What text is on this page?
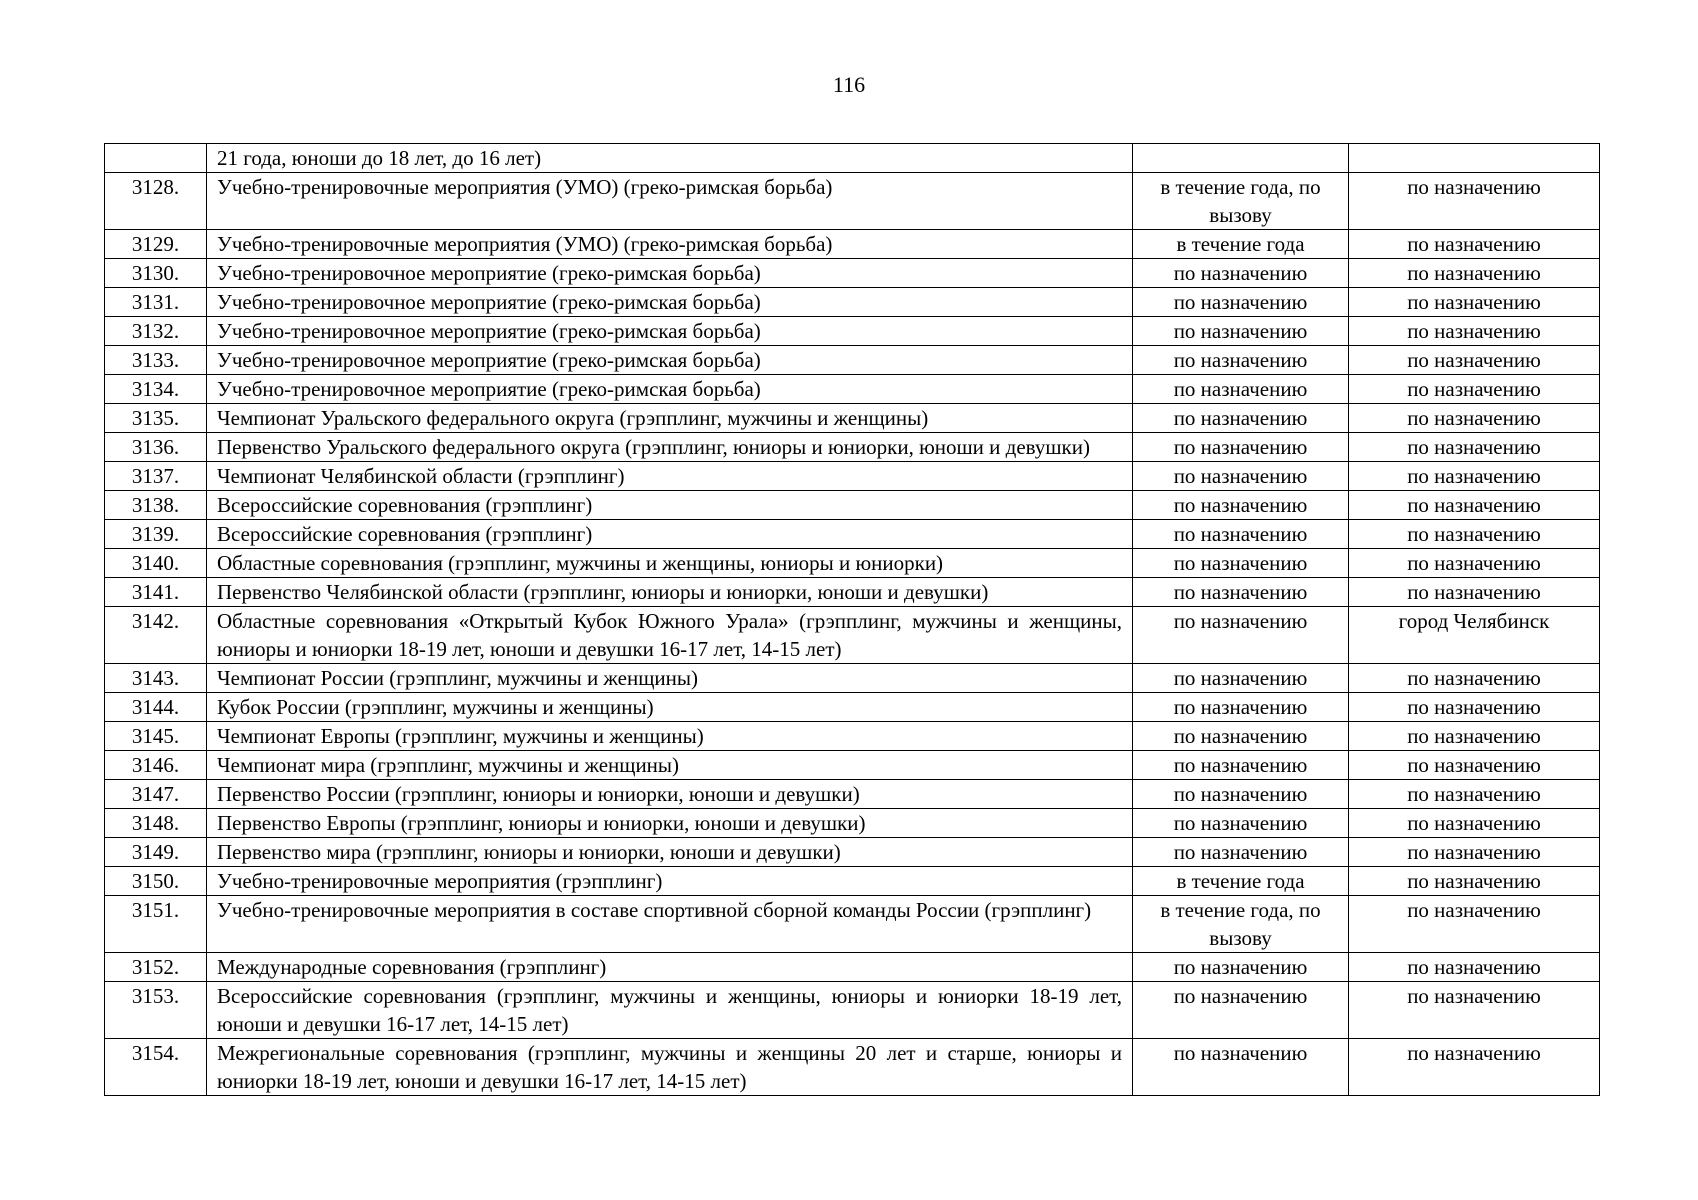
116
	21 года, юноши до 18 лет, до 16 лет)		
3128.	Учебно-тренировочные мероприятия (УМО) (греко-римская борьба)	в течение года, по вызову	по назначению
3129.	Учебно-тренировочные мероприятия (УМО) (греко-римская борьба)	в течение года	по назначению
3130.	Учебно-тренировочное мероприятие (греко-римская борьба)	по назначению	по назначению
3131.	Учебно-тренировочное мероприятие (греко-римская борьба)	по назначению	по назначению
3132.	Учебно-тренировочное мероприятие (греко-римская борьба)	по назначению	по назначению
3133.	Учебно-тренировочное мероприятие (греко-римская борьба)	по назначению	по назначению
3134.	Учебно-тренировочное мероприятие (греко-римская борьба)	по назначению	по назначению
3135.	Чемпионат Уральского федерального округа (грэпплинг, мужчины и женщины)	по назначению	по назначению
3136.	Первенство Уральского федерального округа (грэпплинг, юниоры и юниорки, юноши и девушки)	по назначению	по назначению
3137.	Чемпионат Челябинской области (грэпплинг)	по назначению	по назначению
3138.	Всероссийские соревнования (грэпплинг)	по назначению	по назначению
3139.	Всероссийские соревнования (грэпплинг)	по назначению	по назначению
3140.	Областные соревнования (грэпплинг, мужчины и женщины, юниоры и юниорки)	по назначению	по назначению
3141.	Первенство Челябинской области (грэпплинг, юниоры и юниорки, юноши и девушки)	по назначению	по назначению
3142.	Областные соревнования «Открытый Кубок Южного Урала» (грэпплинг, мужчины и женщины, юниоры и юниорки 18-19 лет, юноши и девушки 16-17 лет, 14-15 лет)	по назначению	город Челябинск
3143.	Чемпионат России (грэпплинг, мужчины и женщины)	по назначению	по назначению
3144.	Кубок России (грэпплинг, мужчины и женщины)	по назначению	по назначению
3145.	Чемпионат Европы (грэпплинг, мужчины и женщины)	по назначению	по назначению
3146.	Чемпионат мира (грэпплинг, мужчины и женщины)	по назначению	по назначению
3147.	Первенство России (грэпплинг, юниоры и юниорки, юноши и девушки)	по назначению	по назначению
3148.	Первенство Европы (грэпплинг, юниоры и юниорки, юноши и девушки)	по назначению	по назначению
3149.	Первенство мира (грэпплинг, юниоры и юниорки, юноши и девушки)	по назначению	по назначению
3150.	Учебно-тренировочные мероприятия (грэпплинг)	в течение года	по назначению
3151.	Учебно-тренировочные мероприятия в составе спортивной сборной команды России (грэпплинг)	в течение года, по вызову	по назначению
3152.	Международные соревнования (грэпплинг)	по назначению	по назначению
3153.	Всероссийские соревнования (грэпплинг, мужчины и женщины, юниоры и юниорки 18-19 лет, юноши и девушки 16-17 лет, 14-15 лет)	по назначению	по назначению
3154.	Межрегиональные соревнования (грэпплинг, мужчины и женщины 20 лет и старше, юниоры и юниорки 18-19 лет, юноши и девушки 16-17 лет, 14-15 лет)	по назначению	по назначению
